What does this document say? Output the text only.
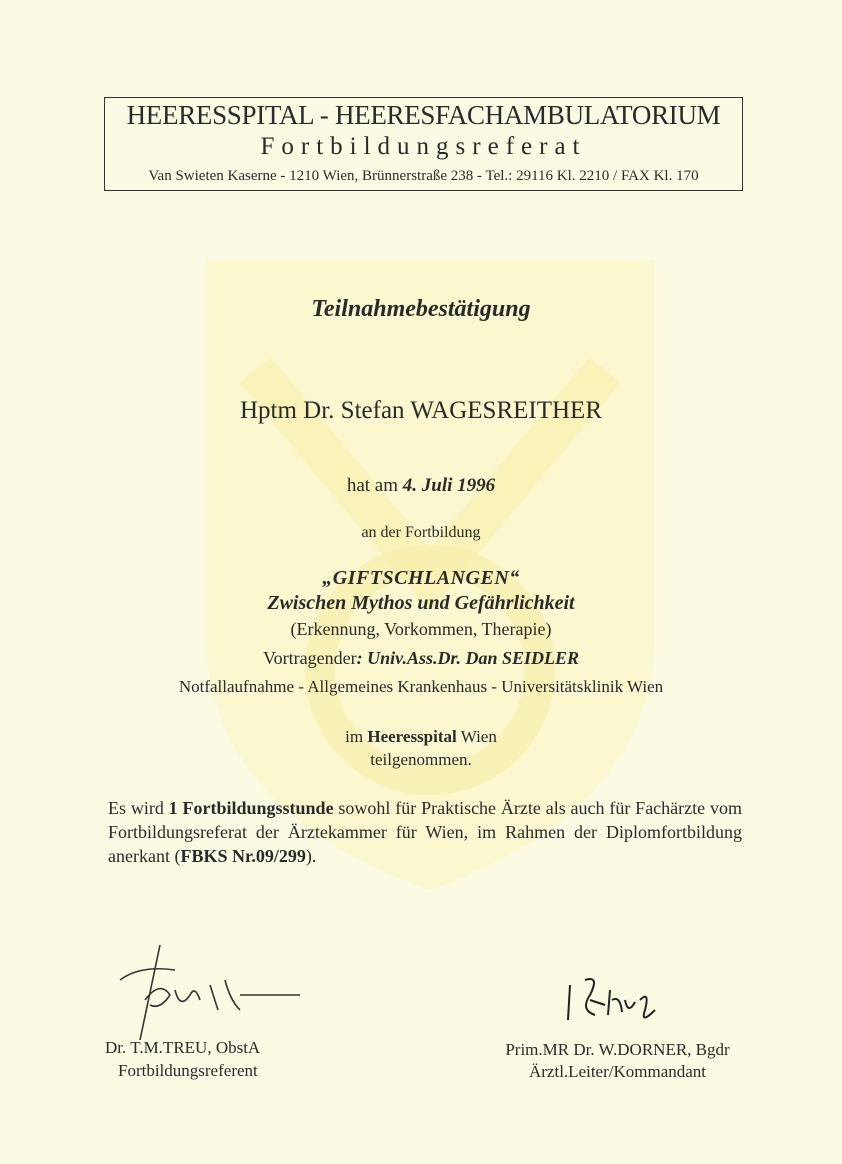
HEERESSPITAL - HEERESFACHAMBULATORIUM
Fortbildungsreferat
Van Swieten Kaserne - 1210 Wien, Brünnerstraße 238 - Tel.: 29116 Kl. 2210 / FAX Kl. 170
Teilnahmebestätigung
Hptm Dr. Stefan WAGESREITHER
hat am 4. Juli 1996
an der Fortbildung
„GIFTSCHLANGEN“
Zwischen Mythos und Gefährlichkeit
(Erkennung, Vorkommen, Therapie)
Vortragender: Univ.Ass.Dr. Dan SEIDLER
Notfallaufnahme - Allgemeines Krankenhaus - Universitätsklinik Wien
im Heeresspital Wien
teilgenommen.
Es wird 1 Fortbildungsstunde sowohl für Praktische Ärzte als auch für Fachärzte vom Fortbildungsreferat der Ärztekammer für Wien, im Rahmen der Diplomfortbildung anerkant (FBKS Nr.09/299).
Dr. T.M.TREU, ObstA
Fortbildungsreferent
Prim.MR Dr. W.DORNER, Bgdr
Ärztl.Leiter/Kommandant
